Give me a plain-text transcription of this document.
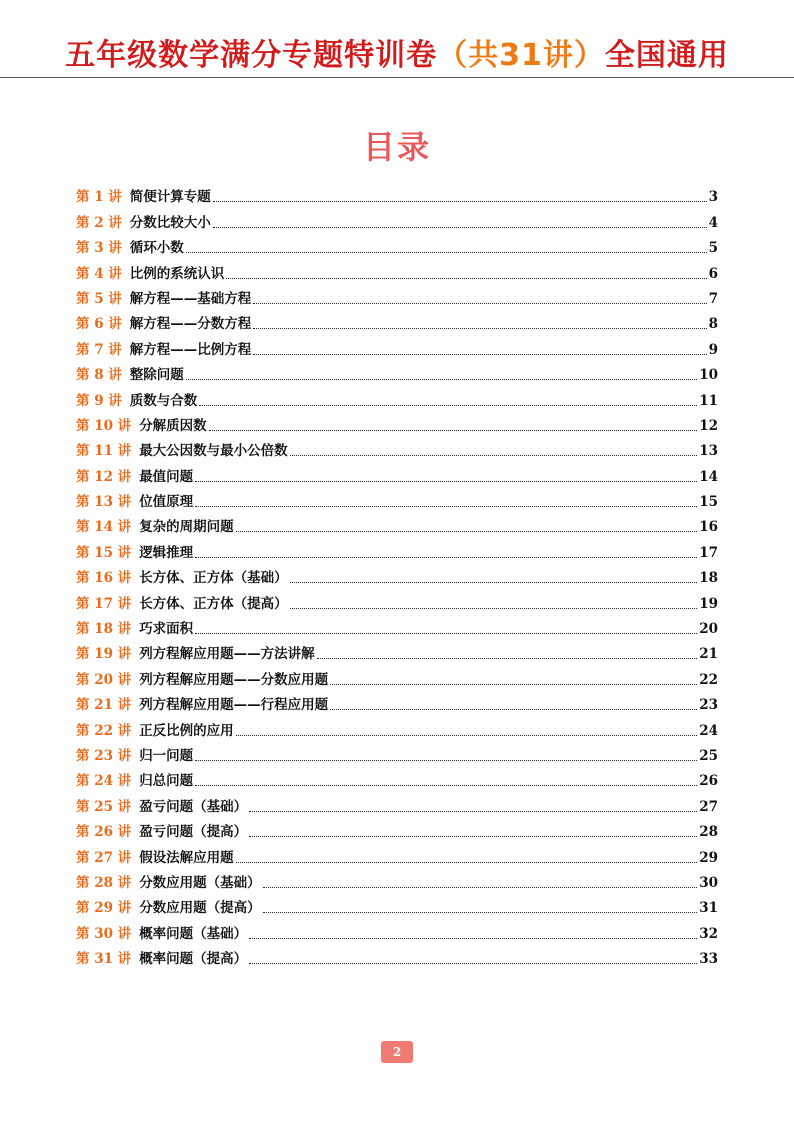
五年级数学满分专题特训卷（共31讲）全国通用
目录
第 1 讲 简便计算专题	3
第 2 讲 分数比较大小	4
第 3 讲 循环小数	5
第 4 讲 比例的系统认识	6
第 5 讲 解方程——基础方程	7
第 6 讲 解方程——分数方程	8
第 7 讲 解方程——比例方程	9
第 8 讲 整除问题	10
第 9 讲 质数与合数	11
第 10 讲 分解质因数	12
第 11 讲 最大公因数与最小公倍数	13
第 12 讲 最值问题	14
第 13 讲 位值原理	15
第 14 讲 复杂的周期问题	16
第 15 讲 逻辑推理	17
第 16 讲 长方体、正方体（基础）	18
第 17 讲 长方体、正方体（提高）	19
第 18 讲 巧求面积	20
第 19 讲 列方程解应用题——方法讲解	21
第 20 讲 列方程解应用题——分数应用题	22
第 21 讲 列方程解应用题——行程应用题	23
第 22 讲 正反比例的应用	24
第 23 讲 归一问题	25
第 24 讲 归总问题	26
第 25 讲 盈亏问题（基础）	27
第 26 讲 盈亏问题（提高）	28
第 27 讲 假设法解应用题	29
第 28 讲 分数应用题（基础）	30
第 29 讲 分数应用题（提高）	31
第 30 讲 概率问题（基础）	32
第 31 讲 概率问题（提高）	33
2
